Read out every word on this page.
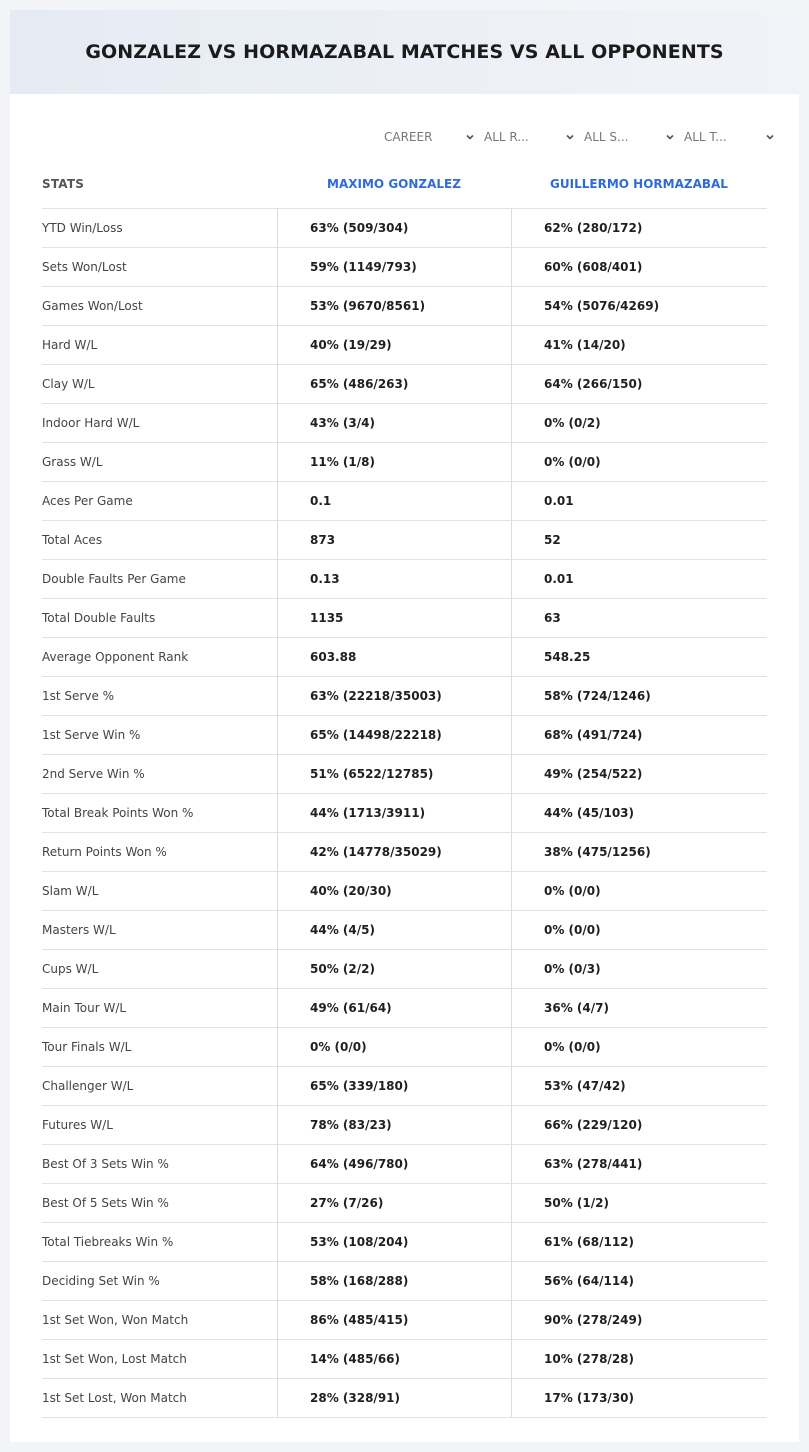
GONZALEZ VS HORMAZABAL MATCHES VS ALL OPPONENTS
CAREER	ALL R...	ALL S...	ALL T...
STATS	MAXIMO GONZALEZ	GUILLERMO HORMAZABAL
YTD Win/Loss	63% (509/304)	62% (280/172)
Sets Won/Lost	59% (1149/793)	60% (608/401)
Games Won/Lost	53% (9670/8561)	54% (5076/4269)
Hard W/L	40% (19/29)	41% (14/20)
Clay W/L	65% (486/263)	64% (266/150)
Indoor Hard W/L	43% (3/4)	0% (0/2)
Grass W/L	11% (1/8)	0% (0/0)
Aces Per Game	0.1	0.01
Total Aces	873	52
Double Faults Per Game	0.13	0.01
Total Double Faults	1135	63
Average Opponent Rank	603.88	548.25
1st Serve %	63% (22218/35003)	58% (724/1246)
1st Serve Win %	65% (14498/22218)	68% (491/724)
2nd Serve Win %	51% (6522/12785)	49% (254/522)
Total Break Points Won %	44% (1713/3911)	44% (45/103)
Return Points Won %	42% (14778/35029)	38% (475/1256)
Slam W/L	40% (20/30)	0% (0/0)
Masters W/L	44% (4/5)	0% (0/0)
Cups W/L	50% (2/2)	0% (0/3)
Main Tour W/L	49% (61/64)	36% (4/7)
Tour Finals W/L	0% (0/0)	0% (0/0)
Challenger W/L	65% (339/180)	53% (47/42)
Futures W/L	78% (83/23)	66% (229/120)
Best Of 3 Sets Win %	64% (496/780)	63% (278/441)
Best Of 5 Sets Win %	27% (7/26)	50% (1/2)
Total Tiebreaks Win %	53% (108/204)	61% (68/112)
Deciding Set Win %	58% (168/288)	56% (64/114)
1st Set Won, Won Match	86% (485/415)	90% (278/249)
1st Set Won, Lost Match	14% (485/66)	10% (278/28)
1st Set Lost, Won Match	28% (328/91)	17% (173/30)
